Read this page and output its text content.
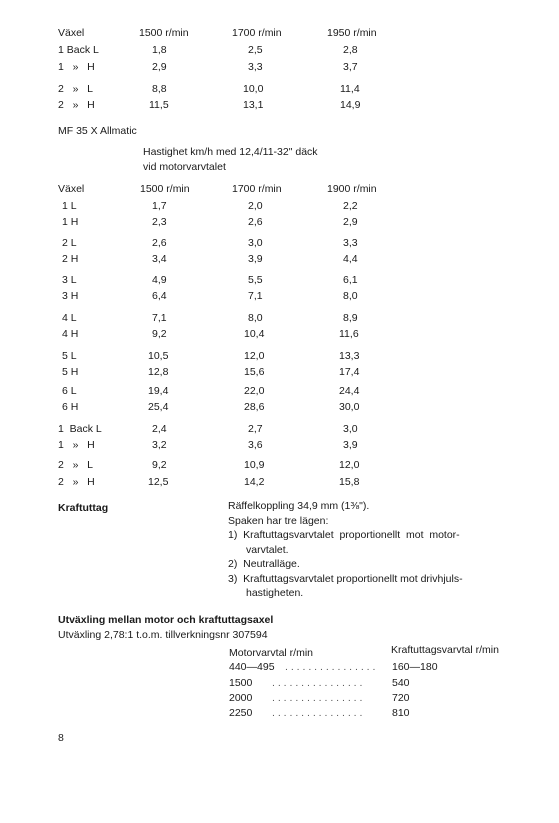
Växel	1500 r/min	1700 r/min	1950 r/min
1 Back L	1,8	2,5	2,8
1   »   H	2,9	3,3	3,7
2   »   L	8,8	10,0	11,4
2   »   H	11,5	13,1	14,9
MF 35 X Allmatic
Hastighet km/h med 12,4/11-32" däck
vid motorvarvtalet
Växel	1500 r/min	1700 r/min	1900 r/min
1 L	1,7	2,0	2,2
1 H	2,3	2,6	2,9
2 L	2,6	3,0	3,3
2 H	3,4	3,9	4,4
3 L	4,9	5,5	6,1
3 H	6,4	7,1	8,0
4 L	7,1	8,0	8,9
4 H	9,2	10,4	11,6
5 L	10,5	12,0	13,3
5 H	12,8	15,6	17,4
6 L	19,4	22,0	24,4
6 H	25,4	28,6	30,0
1  Back L	2,4	2,7	3,0
1   »   H	3,2	3,6	3,9
2   »   L	9,2	10,9	12,0
2   »   H	12,5	14,2	15,8
Kraftuttag	Räffelkoppling 34,9 mm (1⅜").
Spaken har tre lägen:
1)  Kraftuttagsvarvtalet  proportionellt  mot  motor-
varvtalet.
2)  Neutralläge.
3)  Kraftuttagsvarvtalet proportionellt mot drivhjuls-
hastigheten.
Utväxling mellan motor och kraftuttagsaxel
Utväxling 2,78:1 t.o.m. tillverkningsnr 307594
Motorvarvtal r/min	Kraftuttagsvarvtal r/min
440—495 . . . . . . . . . . . . . . . . 160—180
1500 . . . . . . . . . . . . . . . .	540
2000 . . . . . . . . . . . . . . . .	720
2250 . . . . . . . . . . . . . . . .	810
8
